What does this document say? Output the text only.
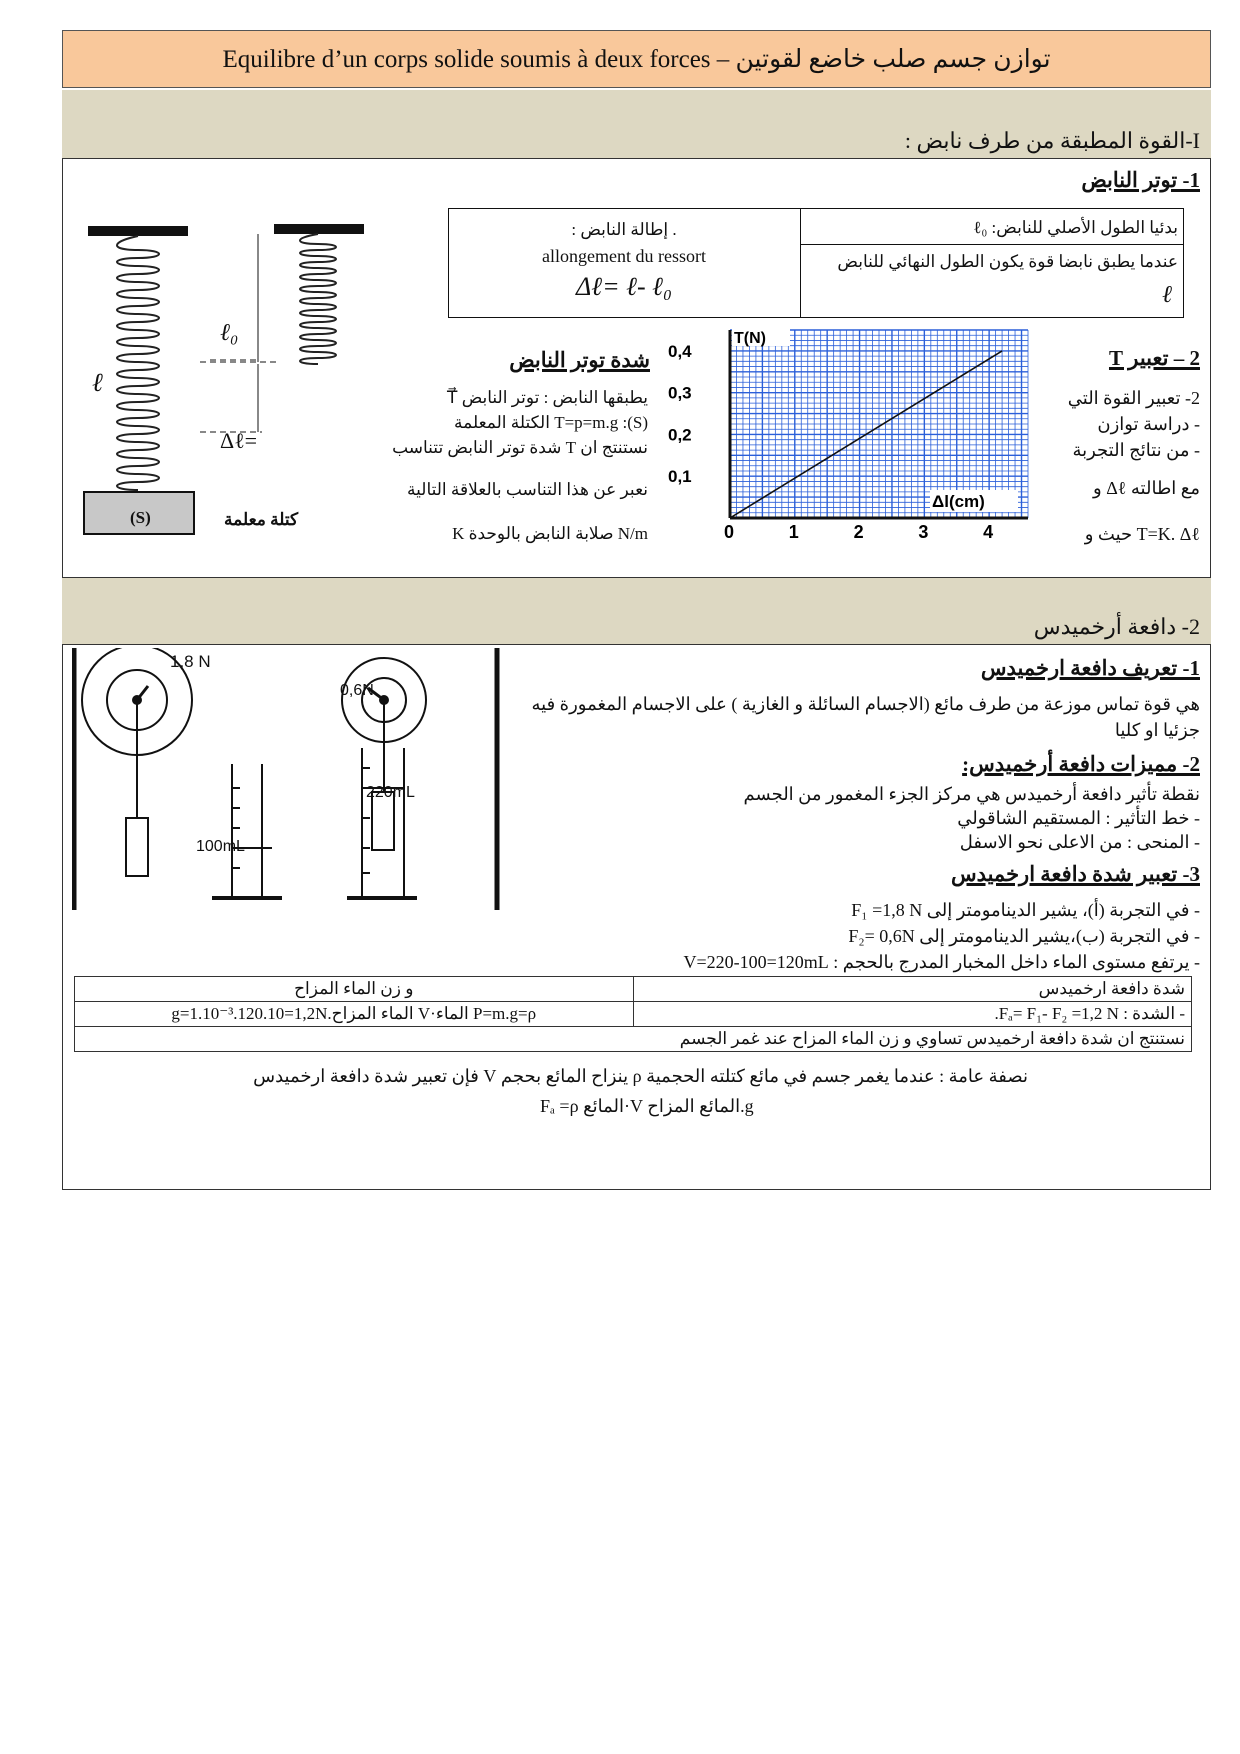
Equilibre d’un corps solide soumis à deux forces – توازن جسم صلب خاضع لقوتين
I-القوة المطبقة من طرف نابض :
ℓ₀
ℓ
Δℓ=
(S)	كتلة معلمة
1- توتر النابض
بدئيا الطول الأصلي للنابض: ℓ₀
عندما يطبق نابضا قوة يكون الطول النهائي للنابض
ℓ
: إطالة النابض .
allongement du ressort
Δℓ= ℓ- ℓ₀
شدة توتر النابض
يطبقها النابض : توتر النابض T⃗
T=p=m.g :(S) الكتلة المعلمة
نستنتج ان T شدة توتر النابض تتناسب
نعبر عن هذا التناسب بالعلاقة التالية
N/m صلابة النابض بالوحدة K
2 – تعبير T
2- تعبير القوة التي
- دراسة توازن
- من نتائج التجربة
مع اطالته Δℓ و
T=K. Δℓ حيث و
0	1	2	3	4
0,1
0,2
0,3
0,4
T(N)
Δl(cm)
2- دافعة أرخميدس
1,8 N
0,6N
100mL
220mL
1- تعريف دافعة ارخميدس
هي قوة تماس موزعة من طرف مائع (الاجسام السائلة و الغازية ) على الاجسام المغمورة فيه
جزئيا او كليا
2- مميزات دافعة أرخميدس:
نقطة تأثير دافعة أرخميدس هي مركز الجزء المغمور من الجسم
- خط التأثير : المستقيم الشاقولي
- المنحى : من الاعلى نحو الاسفل
3- تعبير شدة دافعة ارخميدس
- في التجربة (أ)، يشير الدينامومتر إلى F₁ =1,8 N
- في التجربة (ب)،يشير الدينامومتر إلى F₂= 0,6N
- يرتفع مستوى الماء داخل المخبار المدرج بالحجم : V=220-100=120mL
شدة دافعة ارخميدس	و زن الماء المزاح
- الشدة : Fₐ= F₁- F₂ =1,2 N.	P=m.g=ρ الماء·V الماء المزاح.g=1.10⁻³.120.10=1,2N
نستنتج ان شدة دافعة ارخميدس تساوي و زن الماء المزاح عند غمر الجسم	
نصفة عامة : عندما يغمر جسم في مائع كتلته الحجمية ρ ينزاح المائع بحجم V فإن تعبير شدة دافعة ارخميدس
Fₐ =ρ المائع·V المائع المزاح.g
